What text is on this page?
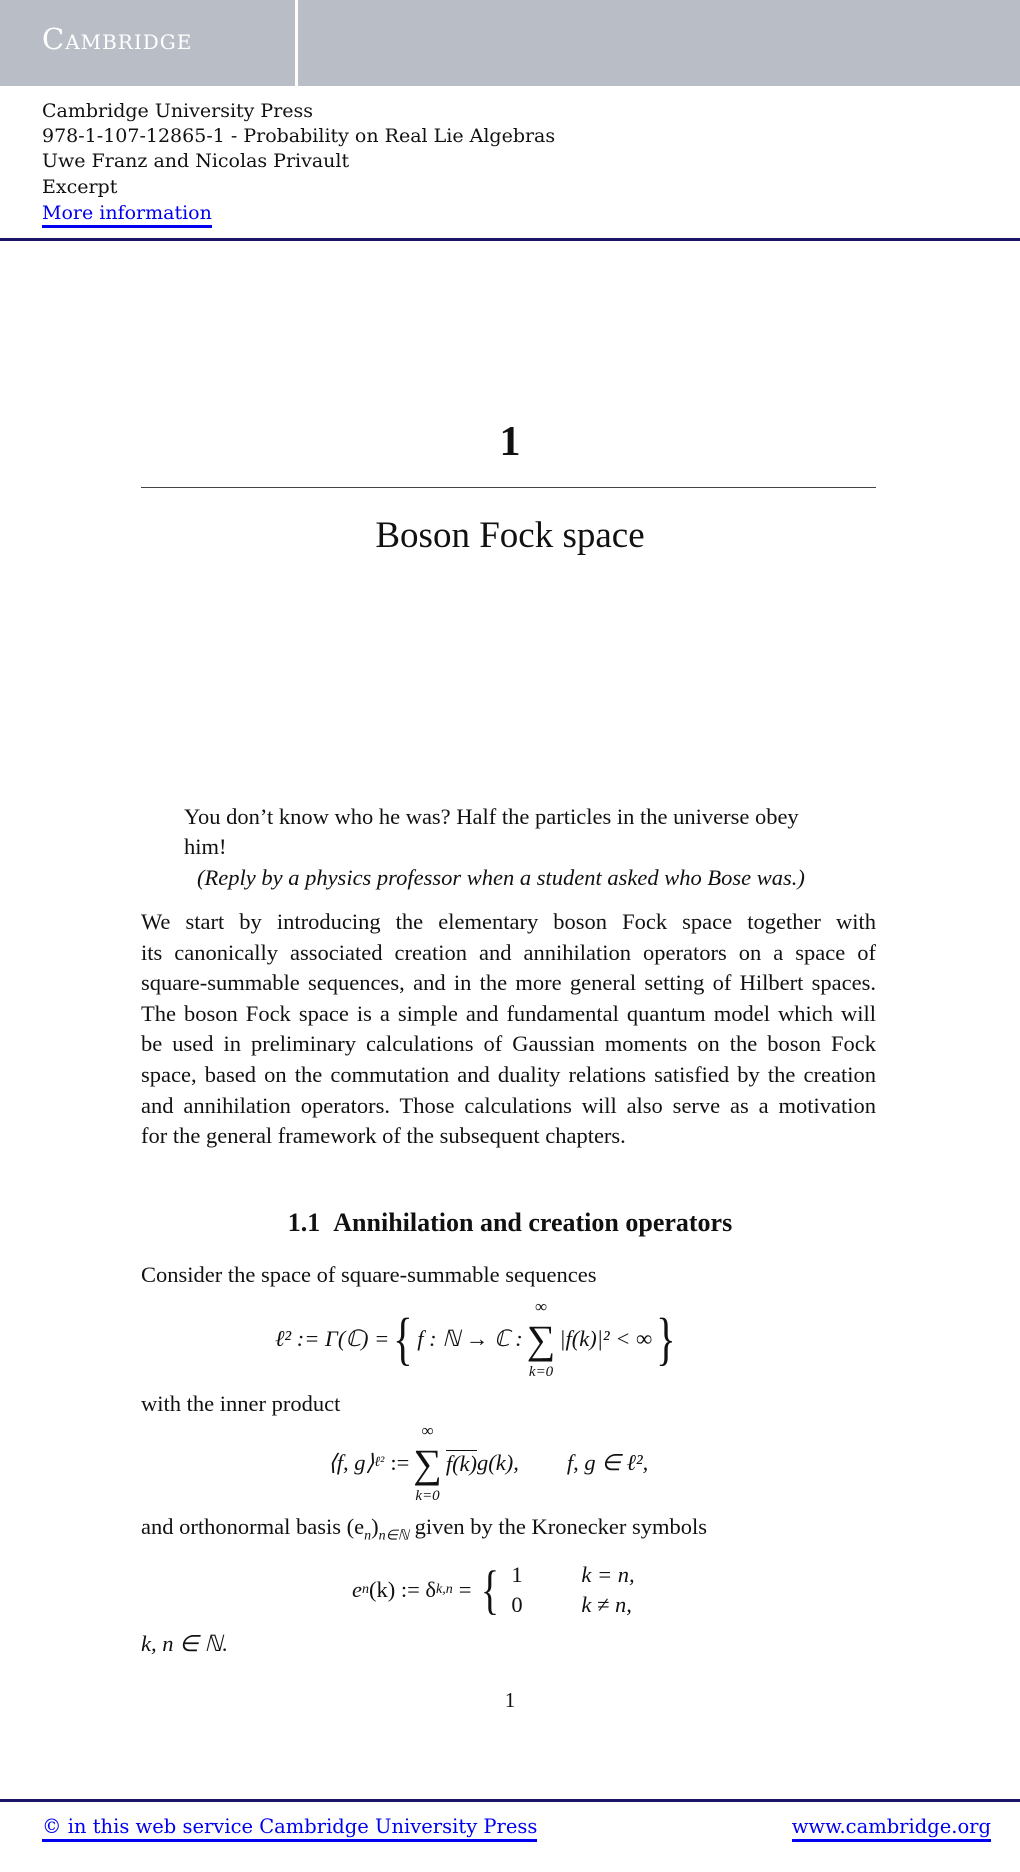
Cambridge
Cambridge University Press
978-1-107-12865-1 - Probability on Real Lie Algebras
Uwe Franz and Nicolas Privault
Excerpt
More information
1
Boson Fock space
You don’t know who he was? Half the particles in the universe obey
him!
(Reply by a physics professor when a student asked who Bose was.)
We start by introducing the elementary boson Fock space together with
its canonically associated creation and annihilation operators on a space of
square-summable sequences, and in the more general setting of Hilbert spaces.
The boson Fock space is a simple and fundamental quantum model which will
be used in preliminary calculations of Gaussian moments on the boson Fock
space, based on the commutation and duality relations satisfied by the creation
and annihilation operators. Those calculations will also serve as a motivation
for the general framework of the subsequent chapters.
1.1 Annihilation and creation operators
Consider the space of square-summable sequences
ℓ² := Γ(ℂ) = { f : ℕ → ℂ :
∞
∑
k=0
|f(k)|² < ∞ }
with the inner product
⟨f, g⟩ ℓ² :=
∞
∑
k=0
f(k) g(k), f, g ∈ ℓ²,
and orthonormal basis $(e_n)_{n\in ℕ}$ given by the Kronecker symbols
e n (k) := δ k,n = { 1	k = n,
0	k ≠ n,
k, n ∈ ℕ.
1
© in this web service Cambridge University Press	www.cambridge.org
